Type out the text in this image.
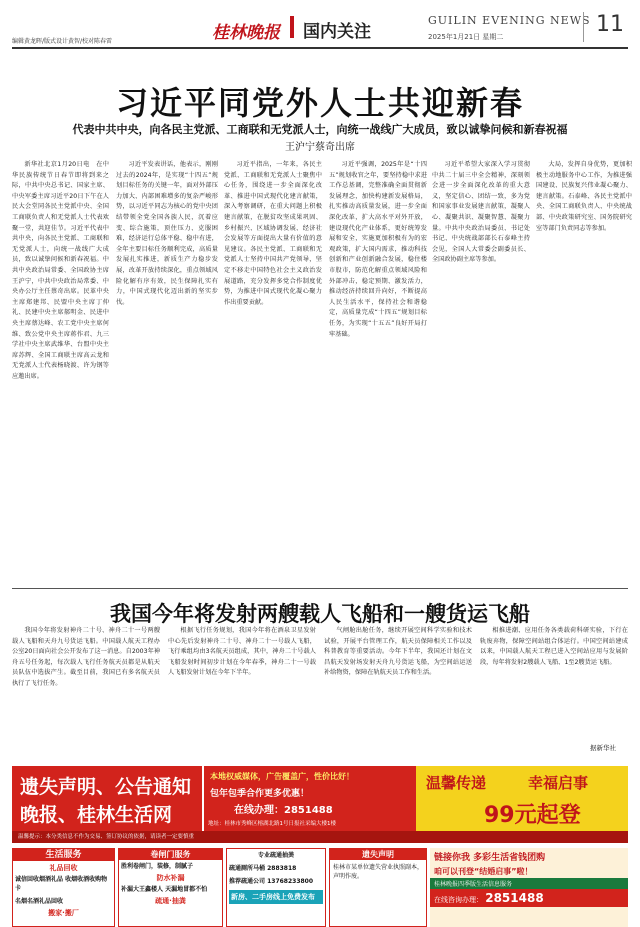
编辑黄龙晖/版式设计黄智/校对陈春雷	桂林晚报 国内关注
GUILIN EVENING NEWS
2025年1月21日 星期二	11
习近平同党外人士共迎新春
代表中共中央，向各民主党派、工商联和无党派人士，向统一战线广大成员，致以诚挚问候和新春祝福
王沪宁蔡奇出席
新华社北京1月20日电　在中华民族传统节日春节即将到来之际，中共中央总书记、国家主席、中央军委主席习近平20日下午在人民大会堂同各民主党派中央、全国工商联负责人和无党派人士代表欢聚一堂，共迎佳节。习近平代表中共中央，向各民主党派、工商联和无党派人士，向统一战线广大成员，致以诚挚问候和新春祝福。中共中央政治局常委、全国政协主席王沪宁，中共中央政治局常委、中央办公厅主任蔡奇出席。民革中央主席郑建邦、民盟中央主席丁仲礼、民建中央主席郝明金、民进中央主席蔡达峰、农工党中央主席何维、致公党中央主席蒋作君、九三学社中央主席武维华、台盟中央主席苏辉、全国工商联主席高云龙和无党派人士代表杨晓渡、许为钢等应邀出席。
习近平发表讲话，他表示，刚刚过去的2024年，是实现“十四五”规划目标任务的关键一年，面对外部压力加大、内部困难增多的复杂严峻形势，以习近平同志为核心的党中央团结带领全党全国各族人民，沉着应变、综合施策，顶住压力、克服困难，经济运行总体平稳、稳中有进，全年主要目标任务顺利完成，高质量发展扎实推进，新质生产力稳步发展，改革开放持续深化，重点领域风险化解有序有效，民生保障扎实有力，中国式现代化迈出新的坚实步伐。
习近平指出，一年来，各民主党派、工商联和无党派人士聚焦中心任务，围绕进一步全面深化改革、推进中国式现代化建言献策，深入考察调研，在重大问题上积极建言献策，在脱贫攻坚成果巩固、乡村振兴、区域协调发展、经济社会发展等方面提出大量有价值的意见建议。各民主党派、工商联和无党派人士坚持中国共产党领导，坚定不移走中国特色社会主义政治发展道路，充分发挥多党合作制度优势，为推进中国式现代化凝心聚力作出重要贡献。
习近平强调，2025年是“十四五”规划收官之年，要坚持稳中求进工作总基调，完整准确全面贯彻新发展理念，加快构建新发展格局，扎实推动高质量发展，进一步全面深化改革，扩大高水平对外开放，建设现代化产业体系，更好统筹发展和安全，实施更加积极有为的宏观政策，扩大国内需求，推动科技创新和产业创新融合发展，稳住楼市股市，防范化解重点领域风险和外部冲击，稳定预期、激发活力，推动经济持续回升向好，不断提高人民生活水平，保持社会和谐稳定，高质量完成“十四五”规划目标任务，为实现“十五五”良好开局打牢基础。
习近平希望大家深入学习贯彻中共二十届三中全会精神，深刻领会进一步全面深化改革的重大意义，坚定信心、团结一致，多为党和国家事业发展建言献策，凝聚人心、凝聚共识、凝聚智慧、凝聚力量。中共中央政治局委员、书记处书记、中央统战部部长石泰峰主持会见，全国人大常委会副委员长、全国政协副主席等参加。
大局，发挥自身优势，更加积极主动地服务中心工作，为推进强国建设、民族复兴伟业凝心聚力、建言献策。石泰峰、各民主党派中央、全国工商联负责人、中央统战部、中央政策研究室、国务院研究室等部门负责同志等参加。
我国今年将发射两艘载人飞船和一艘货运飞船
我国今年将发射神舟二十号、神舟二十一号两艘载人飞船和天舟九号货运飞船。中国载人航天工程办公室20日面向社会公开发布了这一消息。自2003年神舟五号任务起，每次载人飞行任务航天员都是从航天员队伍中选拔产生。截至目前，我国已有多名航天员执行了飞行任务。
根据飞行任务规划，我国今年将在酒泉卫星发射中心先后发射神舟二十号、神舟二十一号载人飞船，飞行乘组均由3名航天员组成，其中，神舟二十号载人飞船发射时间初步计划在今年春季，神舟二十一号载人飞船发射计划在今年下半年。
气闸舱出舱任务，继续开展空间科学实验和技术试验，开展平台管理工作，航天员保障相关工作以及科普教育等重要活动。今年下半年，我国还计划在文昌航天发射场发射天舟九号货运飞船，为空间站运送补给物资，保障在轨航天员工作和生活。
相推进潮、应用任务各类载荷科研实验，下行在轨废弃物，保障空间站组合体运行。中国空间站建成以来，中国载人航天工程已进入空间站应用与发展阶段，每年将发射2艘载人飞船、1至2艘货运飞船。
据新华社
遗失声明、公告通知
晚报、桂林生活网
本地权威媒体，广告覆盖广，性价比好！
包年包季合作更多优惠！
在线办理：2851488
地址：桂林市秀峰区榕湖北路1号日报社采编大楼1楼
温馨传递	幸福启事
99元起登
温馨提示：本分类信息不作为交易、签订协议的依据，请读者一定要慎重
生活服务
礼品回收
诚信回收烟酒礼品 收烟收酒收购物卡
名烟名酒礼品回收
搬家·搬厂
卷闸门服务
胜利卷闸门，装修，制腻子
防水补漏
补漏大王鑫楼人 天漏地冒都不怕
疏通·抽粪
专业疏通抽粪
疏通厕所马桶 2883818
推荐疏通公司 13768233800
新房、二手房线上免费发布
遗失声明
桂林市某单位遗失营业执照副本，声明作废。
链接你我 多彩生活省钱团购
咱可以刊登“结婚启事”啦！
桂林晚报四季版生活信息服务
在线咨询办理： 2851488
